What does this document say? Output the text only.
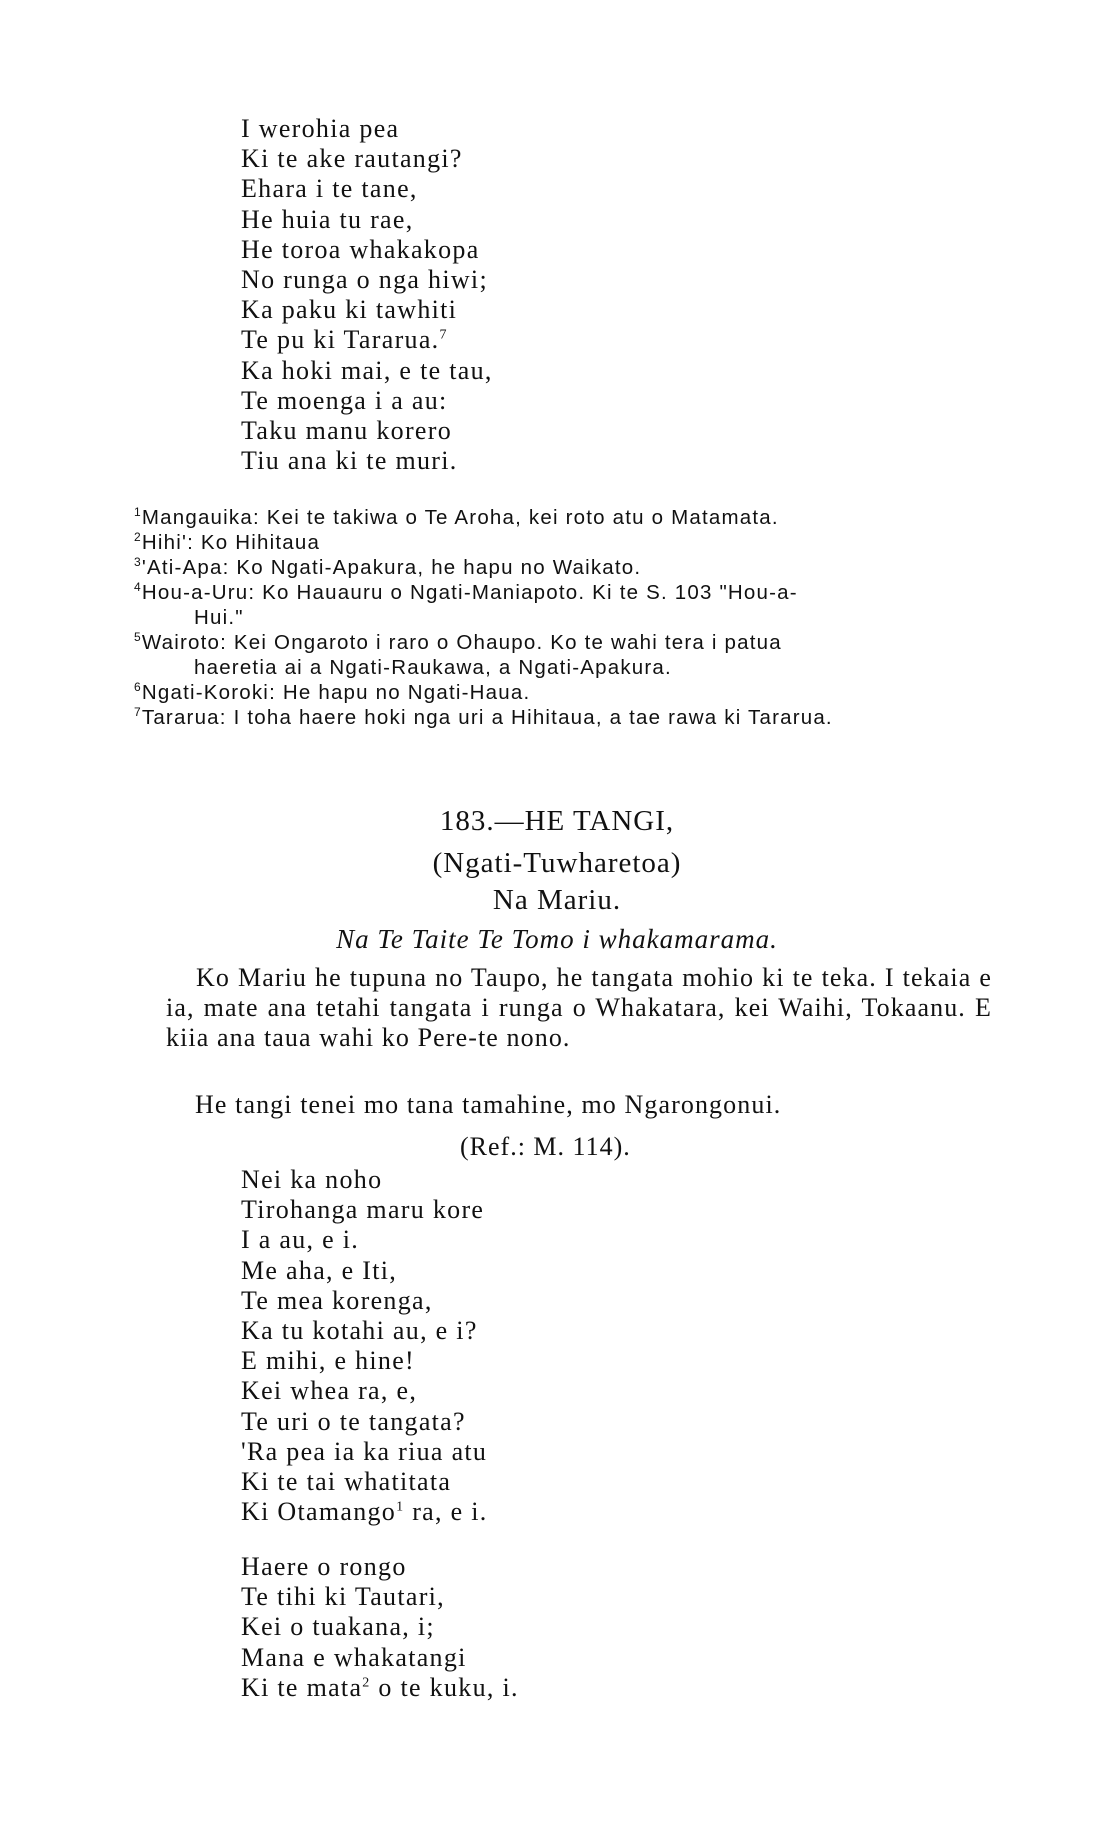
I werohia pea
Ki te ake rautangi?
Ehara i te tane,
He huia tu rae,
He toroa whakakopa
No runga o nga hiwi;
Ka paku ki tawhiti
Te pu ki Tararua.$^7$
Ka hoki mai, e te tau,
Te moenga i a au:
Taku manu korero
Tiu ana ki te muri.
$^1$Mangauika: Kei te takiwa o Te Aroha, kei roto atu o Matamata.
$^2$Hihi': Ko Hihitaua
$^3$'Ati-Apa: Ko Ngati-Apakura, he hapu no Waikato.
$^4$Hou-a-Uru: Ko Hauauru o Ngati-Maniapoto. Ki te S. 103 "Hou-a-
Hui."
$^5$Wairoto: Kei Ongaroto i raro o Ohaupo. Ko te wahi tera i patua
haeretia ai a Ngati-Raukawa, a Ngati-Apakura.
$^6$Ngati-Koroki: He hapu no Ngati-Haua.
$^7$Tararua: I toha haere hoki nga uri a Hihitaua, a tae rawa ki Tararua.
183.—HE TANGI,
(Ngati-Tuwharetoa)
Na Mariu.
Na Te Taite Te Tomo i whakamarama.
Ko Mariu he tupuna no Taupo, he tangata mohio ki te teka. I tekaia e ia, mate ana tetahi tangata i runga o Whakatara, kei Waihi, Tokaanu. E kiia ana taua wahi ko Pere-te nono.
He tangi tenei mo tana tamahine, mo Ngarongonui.
(Ref.: M. 114).
Nei ka noho
Tirohanga maru kore
I a au, e i.
Me aha, e Iti,
Te mea korenga,
Ka tu kotahi au, e i?
E mihi, e hine!
Kei whea ra, e,
Te uri o te tangata?
'Ra pea ia ka riua atu
Ki te tai whatitata
Ki Otamango$^1$ ra, e i.
Haere o rongo
Te tihi ki Tautari,
Kei o tuakana, i;
Mana e whakatangi
Ki te mata$^2$ o te kuku, i.
